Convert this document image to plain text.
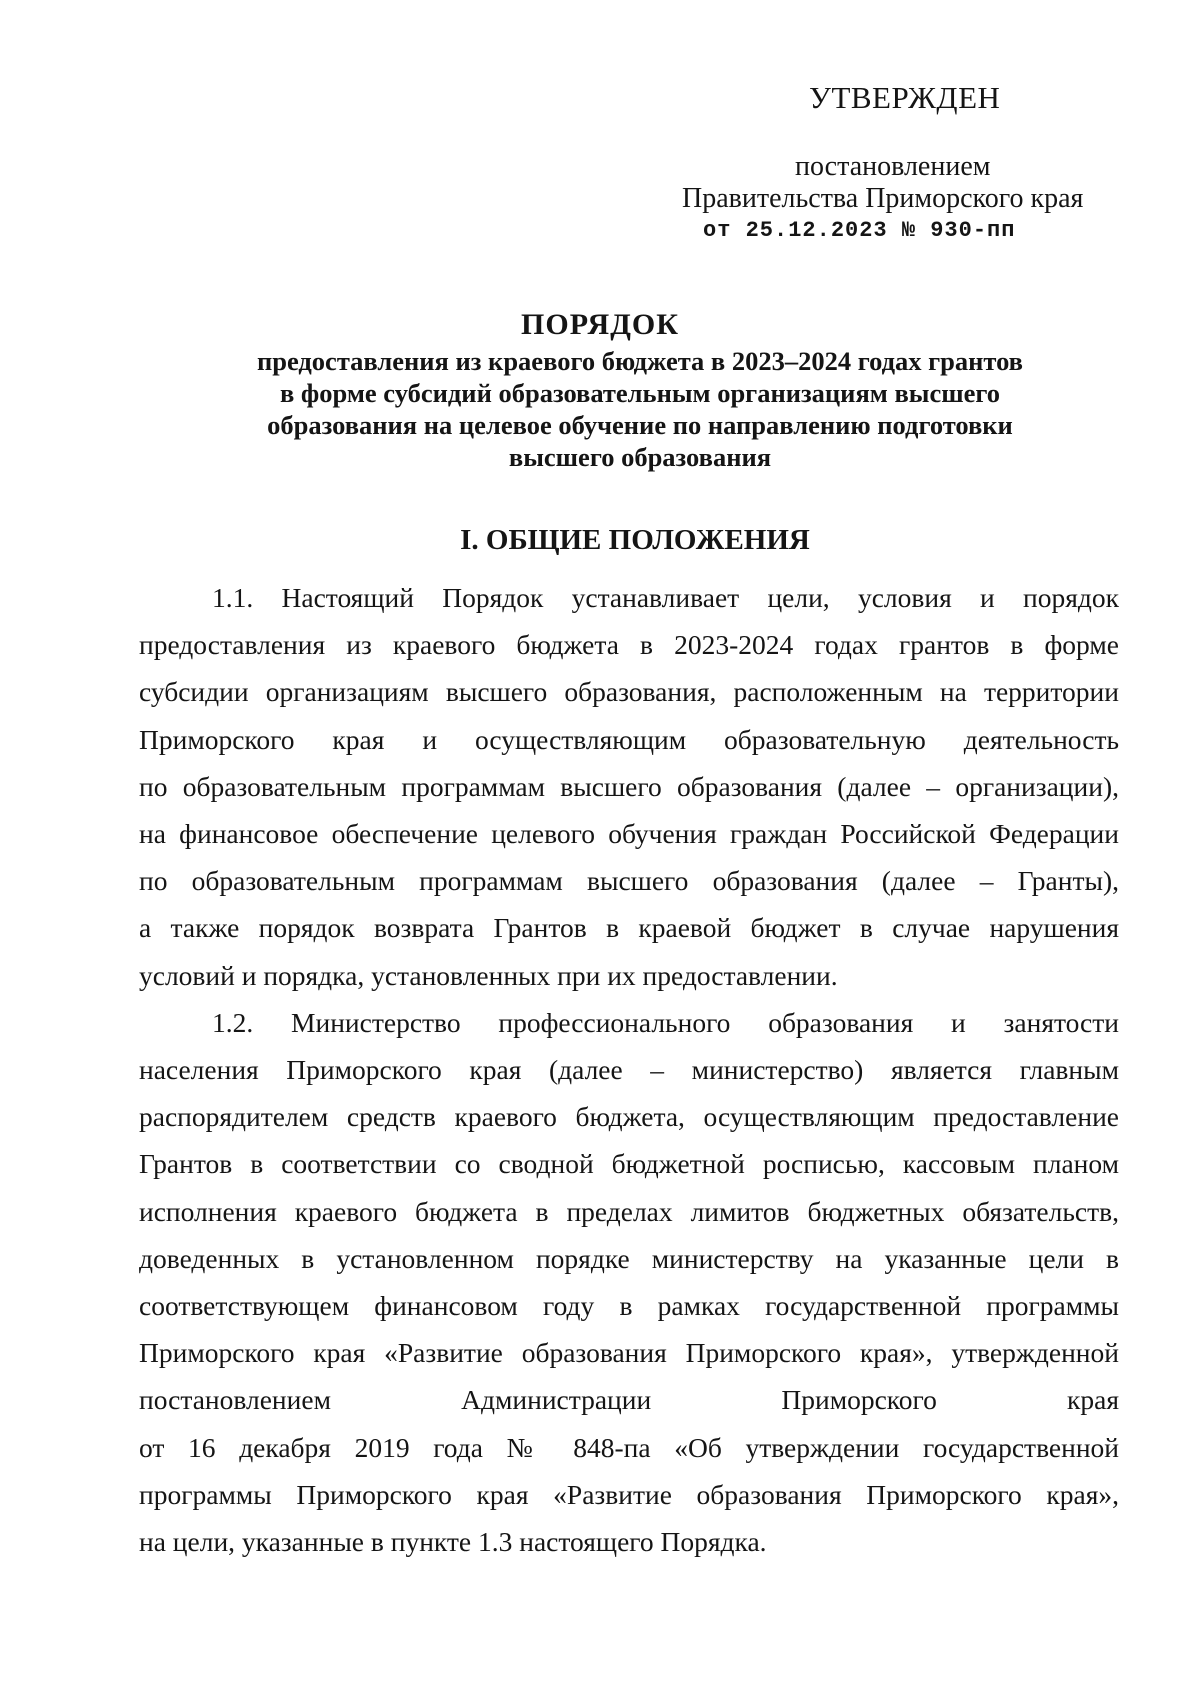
УТВЕРЖДЕН

постановлением

Правительства Приморского края

от 25.12.2023 № 930-пп

ПОРЯДОК
предоставления из краевого бюджета в 2023–2024 годах грантов
в форме субсидий образовательным организациям высшего
образования на целевое обучение по направлению подготовки
высшего образования
I. ОБЩИЕ ПОЛОЖЕНИЯ
1.1. Настоящий Порядок устанавливает цели, условия и порядок
предоставления из краевого бюджета в 2023-2024 годах грантов в форме
субсидии организациям высшего образования, расположенным на территории
Приморского края и осуществляющим образовательную деятельность
по образовательным программам высшего образования (далее – организации),
на финансовое обеспечение целевого обучения граждан Российской Федерации
по образовательным программам высшего образования (далее – Гранты),
а также порядок возврата Грантов в краевой бюджет в случае нарушения
условий и порядка, установленных при их предоставлении.
1.2. Министерство профессионального образования и занятости
населения Приморского края (далее – министерство) является главным
распорядителем средств краевого бюджета, осуществляющим предоставление
Грантов в соответствии со сводной бюджетной росписью, кассовым планом
исполнения краевого бюджета в пределах лимитов бюджетных обязательств,
доведенных в установленном порядке министерству на указанные цели в
соответствующем финансовом году в рамках государственной программы
Приморского края «Развитие образования Приморского края», утвержденной
постановлением Администрации Приморского края
от 16 декабря 2019 года № 848-па «Об утверждении государственной
программы Приморского края «Развитие образования Приморского края»,
на цели, указанные в пункте 1.3 настоящего Порядка.
